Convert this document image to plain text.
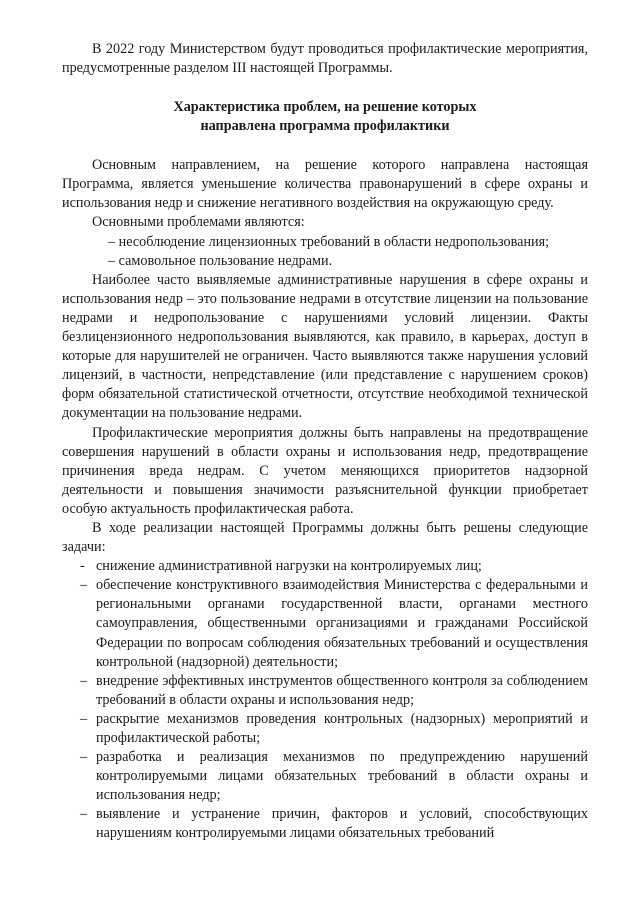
В 2022 году Министерством будут проводиться профилактические мероприятия, предусмотренные разделом III настоящей Программы.

Характеристика проблем, на решение которых
направлена программа профилактики

Основным направлением, на решение которого направлена настоящая Программа, является уменьшение количества правонарушений в сфере охраны и использования недр и снижение негативного воздействия на окружающую среду.

Основными проблемами являются:

– несоблюдение лицензионных требований в области недропользования;

– самовольное пользование недрами.

Наиболее часто выявляемые административные нарушения в сфере охраны и использования недр – это пользование недрами в отсутствие лицензии на пользование недрами и недропользование с нарушениями условий лицензии. Факты безлицензионного недропользования выявляются, как правило, в карьерах, доступ в которые для нарушителей не ограничен. Часто выявляются также нарушения условий лицензий, в частности, непредставление (или представление с нарушением сроков) форм обязательной статистической отчетности, отсутствие необходимой технической документации на пользование недрами.

Профилактические мероприятия должны быть направлены на предотвращение совершения нарушений в области охраны и использования недр, предотвращение причинения вреда недрам. С учетом меняющихся приоритетов надзорной деятельности и повышения значимости разъяснительной функции приобретает особую актуальность профилактическая работа.

В ходе реализации настоящей Программы должны быть решены следующие задачи:

- снижение административной нагрузки на контролируемых лиц;
– обеспечение конструктивного взаимодействия Министерства с федеральными и региональными органами государственной власти, органами местного самоуправления, общественными организациями и гражданами Российской Федерации по вопросам соблюдения обязательных требований и осуществления контрольной (надзорной) деятельности;
– внедрение эффективных инструментов общественного контроля за соблюдением требований в области охраны и использования недр;
– раскрытие механизмов проведения контрольных (надзорных) мероприятий и профилактической работы;
– разработка и реализация механизмов по предупреждению нарушений контролируемыми лицами обязательных требований в области охраны и использования недр;
– выявление и устранение причин, факторов и условий, способствующих нарушениям контролируемыми лицами обязательных требований
